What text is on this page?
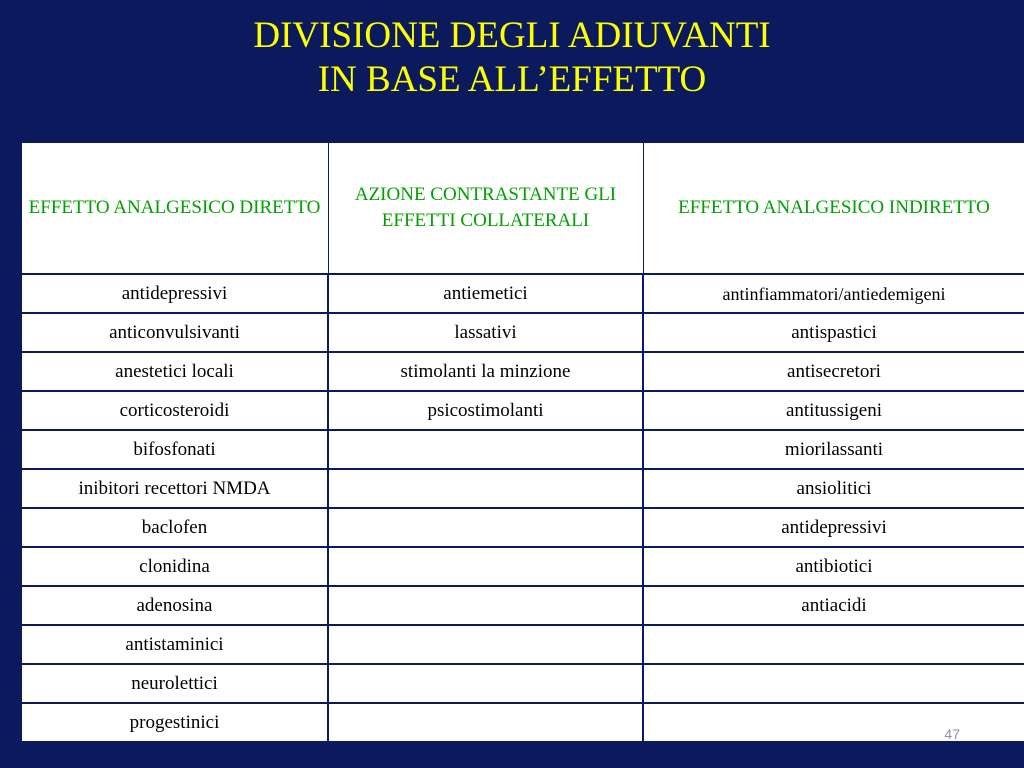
DIVISIONE DEGLI ADIUVANTI
IN BASE ALL’EFFETTO
EFFETTO ANALGESICO DIRETTO	AZIONE CONTRASTANTE GLI EFFETTI COLLATERALI	EFFETTO ANALGESICO INDIRETTO
antidepressivi	antiemetici	antinfiammatori/antiedemigeni
anticonvulsivanti	lassativi	antispastici
anestetici locali	stimolanti la minzione	antisecretori
corticosteroidi	psicostimolanti	antitussigeni
bifosfonati		miorilassanti
inibitori recettori NMDA		ansiolitici
baclofen		antidepressivi
clonidina		antibiotici
adenosina		antiacidi
antistaminici		
neurolettici		
progestinici		
47
